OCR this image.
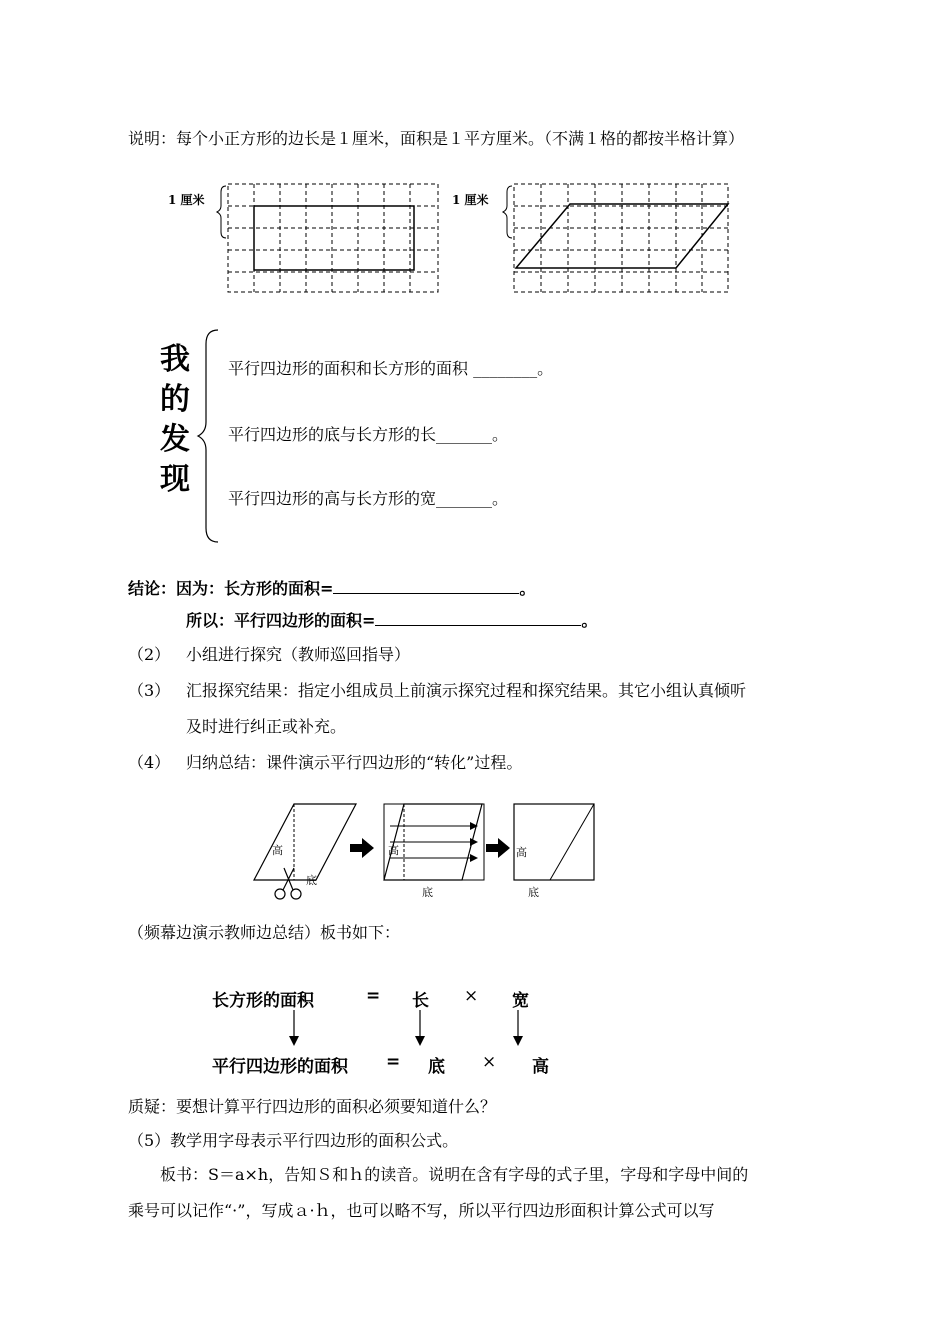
说明：每个小正方形的边长是１厘米，面积是１平方厘米。（不满１格的都按半格计算）
1 厘米	1 厘米
我
的
发
现
平行四边形的面积和长方形的面积 ________。
平行四边形的底与长方形的长_______。
平行四边形的高与长方形的宽_______。
结论：因为：长方形的面积=	。
所以：平行四边形的面积=	。
（2） 小组进行探究（教师巡回指导）
（3） 汇报探究结果：指定小组成员上前演示探究过程和探究结果。其它小组认真倾听
及时进行纠正或补充。
（4） 归纳总结：课件演示平行四边形的“转化”过程。
高
底
高
底
高
底
（频幕边演示教师边总结）板书如下：
长方形的面积	= 长 × 宽
平行四边形的面积 = 底 × 高
质疑：要想计算平行四边形的面积必须要知道什么？
（5）教学用字母表示平行四边形的面积公式。
板书：S＝a×h，告知Ｓ和ｈ的读音。说明在含有字母的式子里，字母和字母中间的
乘号可以记作“·”，写成ａ·ｈ，也可以略不写，所以平行四边形面积计算公式可以写
